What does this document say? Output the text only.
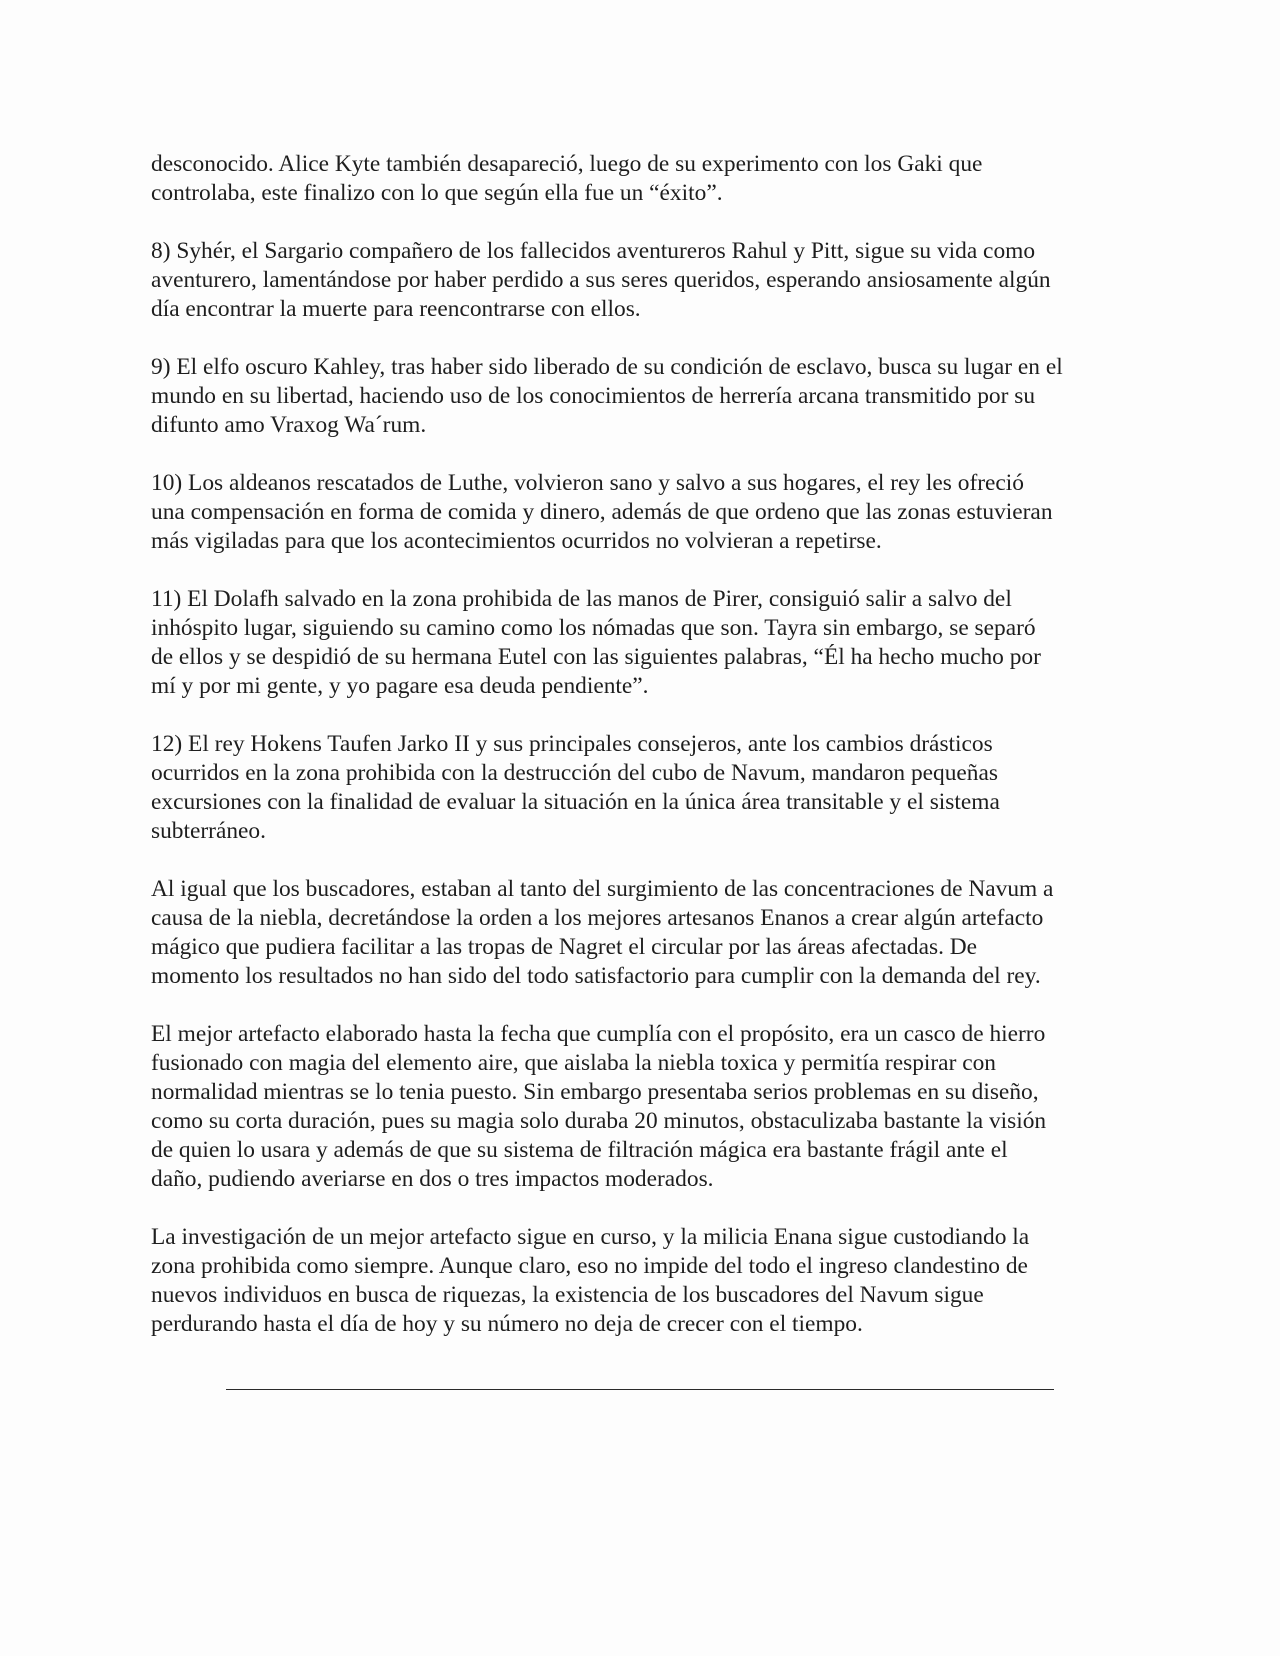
desconocido. Alice Kyte también desapareció, luego de su experimento con los Gaki que
controlaba, este finalizo con lo que según ella fue un “éxito”.

8) Syhér, el Sargario compañero de los fallecidos aventureros Rahul y Pitt, sigue su vida como
aventurero, lamentándose por haber perdido a sus seres queridos, esperando ansiosamente algún
día encontrar la muerte para reencontrarse con ellos.

9) El elfo oscuro Kahley, tras haber sido liberado de su condición de esclavo, busca su lugar en el
mundo en su libertad, haciendo uso de los conocimientos de herrería arcana transmitido por su
difunto amo Vraxog Wa´rum.

10) Los aldeanos rescatados de Luthe, volvieron sano y salvo a sus hogares, el rey les ofreció
una compensación en forma de comida y dinero, además de que ordeno que las zonas estuvieran
más vigiladas para que los acontecimientos ocurridos no volvieran a repetirse.

11) El Dolafh salvado en la zona prohibida de las manos de Pirer, consiguió salir a salvo del
inhóspito lugar, siguiendo su camino como los nómadas que son. Tayra sin embargo, se separó
de ellos y se despidió de su hermana Eutel con las siguientes palabras, “Él ha hecho mucho por
mí y por mi gente, y yo pagare esa deuda pendiente”.

12) El rey Hokens Taufen Jarko II y sus principales consejeros, ante los cambios drásticos
ocurridos en la zona prohibida con la destrucción del cubo de Navum, mandaron pequeñas
excursiones con la finalidad de evaluar la situación en la única área transitable y el sistema
subterráneo.

Al igual que los buscadores, estaban al tanto del surgimiento de las concentraciones de Navum a
causa de la niebla, decretándose la orden a los mejores artesanos Enanos a crear algún artefacto
mágico que pudiera facilitar a las tropas de Nagret el circular por las áreas afectadas. De
momento los resultados no han sido del todo satisfactorio para cumplir con la demanda del rey.

El mejor artefacto elaborado hasta la fecha que cumplía con el propósito, era un casco de hierro
fusionado con magia del elemento aire, que aislaba la niebla toxica y permitía respirar con
normalidad mientras se lo tenia puesto. Sin embargo presentaba serios problemas en su diseño,
como su corta duración, pues su magia solo duraba 20 minutos, obstaculizaba bastante la visión
de quien lo usara y además de que su sistema de filtración mágica era bastante frágil ante el
daño, pudiendo averiarse en dos o tres impactos moderados.

La investigación de un mejor artefacto sigue en curso, y la milicia Enana sigue custodiando la
zona prohibida como siempre. Aunque claro, eso no impide del todo el ingreso clandestino de
nuevos individuos en busca de riquezas, la existencia de los buscadores del Navum sigue
perdurando hasta el día de hoy y su número no deja de crecer con el tiempo.
